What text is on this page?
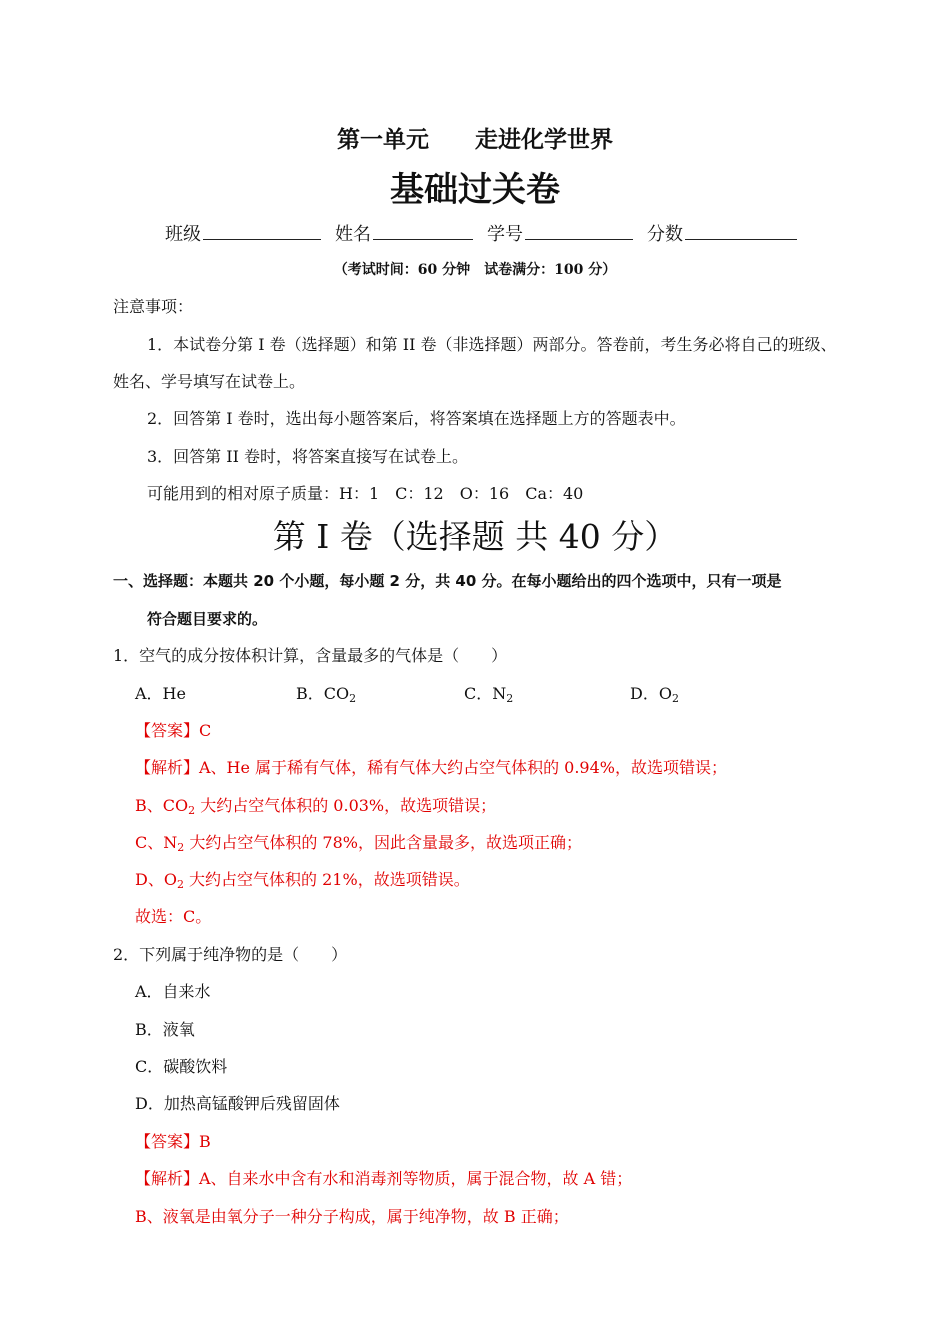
第一单元　　走进化学世界
基础过关卷
班级	姓名	学号	分数
（考试时间：60 分钟　试卷满分：100 分）
注意事项：
1．本试卷分第 I 卷（选择题）和第 II 卷（非选择题）两部分。答卷前，考生务必将自己的班级、
姓名、学号填写在试卷上。
2．回答第 I 卷时，选出每小题答案后，将答案填在选择题上方的答题表中。
3．回答第 II 卷时，将答案直接写在试卷上。
可能用到的相对原子质量：H：1　C：12　O：16　Ca：40
第 I 卷（选择题 共 40 分）
一、选择题：本题共 20 个小题，每小题 2 分，共 40 分。在每小题给出的四个选项中，只有一项是
符合题目要求的。
1．空气的成分按体积计算，含量最多的气体是（　　）
A．He	B．$CO_2$	C．$N_2$	D．$O_2$
【答案】C
【解析】A、He 属于稀有气体，稀有气体大约占空气体积的 0.94%，故选项错误；
B、$CO_2$ 大约占空气体积的 0.03%，故选项错误；
C、$N_2$ 大约占空气体积的 78%，因此含量最多，故选项正确；
D、$O_2$ 大约占空气体积的 21%，故选项错误。
故选：C。
2．下列属于纯净物的是（　　）
A．自来水
B．液氧
C．碳酸饮料
D．加热高锰酸钾后残留固体
【答案】B
【解析】A、自来水中含有水和消毒剂等物质，属于混合物，故 A 错；
B、液氧是由氧分子一种分子构成，属于纯净物，故 B 正确；
